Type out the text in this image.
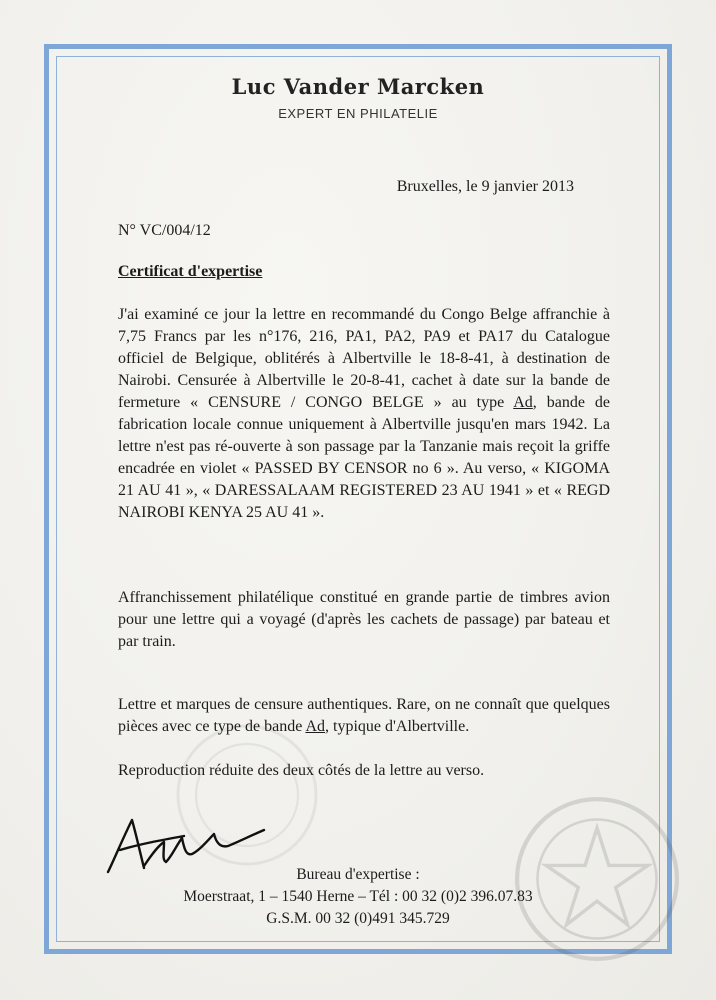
Luc Vander Marcken
EXPERT EN PHILATELIE
Bruxelles, le 9 janvier 2013
N° VC/004/12
Certificat d'expertise

J'ai examiné ce jour la lettre en recommandé du Congo Belge affranchie à 7,75 Francs par les n°176, 216, PA1, PA2, PA9 et PA17 du Catalogue officiel de Belgique, oblitérés à Albertville le 18-8-41, à destination de Nairobi. Censurée à Albertville le 20-8-41, cachet à date sur la bande de fermeture « CENSURE / CONGO BELGE » au type Ad, bande de fabrication locale connue uniquement à Albertville jusqu'en mars 1942. La lettre n'est pas ré-ouverte à son passage par la Tanzanie mais reçoit la griffe encadrée en violet « PASSED BY CENSOR no 6 ». Au verso, « KIGOMA 21 AU 41 », « DARESSALAAM REGISTERED 23 AU 1941 » et « REGD NAIROBI KENYA 25 AU 41 ».

Affranchissement philatélique constitué en grande partie de timbres avion pour une lettre qui a voyagé (d'après les cachets de passage) par bateau et par train.

Lettre et marques de censure authentiques. Rare, on ne connaît que quelques pièces avec ce type de bande Ad, typique d'Albertville.

Reproduction réduite des deux côtés de la lettre au verso.

Bureau d'expertise :
Moerstraat, 1 – 1540 Herne – Tél : 00 32 (0)2 396.07.83
G.S.M. 00 32 (0)491 345.729
